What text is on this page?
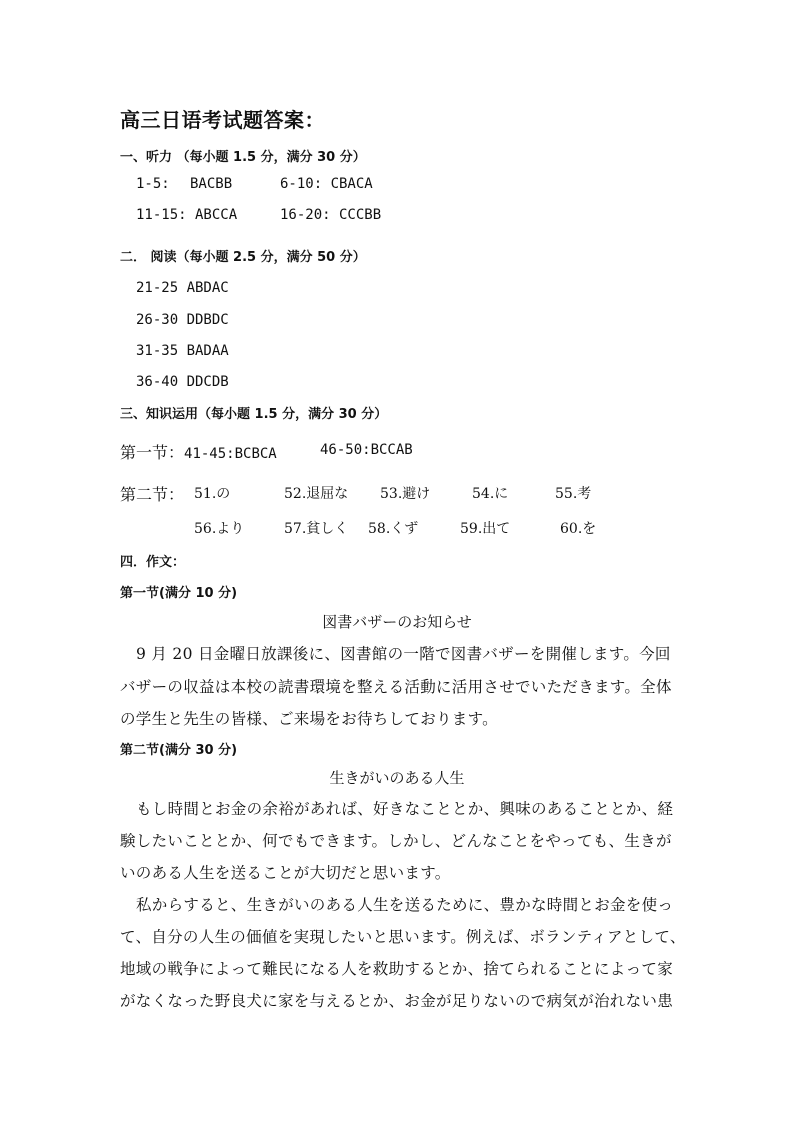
高三日语考试题答案：
一、听力 （每小题 1.5 分，满分 30 分）
1-5: BACBB	6-10: CBACA
11-15: ABCCA	16-20: CCCBB
二． 阅读（每小题 2.5 分，满分 50 分）
21-25 ABDAC
26-30 DDBDC
31-35 BADAA
36-40 DDCDB
三、知识运用（每小题 1.5 分，满分 30 分）
第一节：41-45:BCBCA	46-50:BCCAB
第二节： 51.の	52.退屈な 53.避け	54.に	55.考
56.より	57.貧しく 58.くず	59.出て	60.を
四．作文：
第一节(满分 10 分)
図書バザーのお知らせ
9 月 20 日金曜日放課後に、図書館の一階で図書バザーを開催します。今回
バザーの収益は本校の読書環境を整える活動に活用させでいただきます。全体
の学生と先生の皆様、ご来場をお待ちしております。
第二节(满分 30 分)
生きがいのある人生
もし時間とお金の余裕があれば、好きなこととか、興味のあることとか、経
験したいこととか、何でもできます。しかし、どんなことをやっても、生きが
いのある人生を送ることが大切だと思います。
私からすると、生きがいのある人生を送るために、豊かな時間とお金を使っ
て、自分の人生の価値を実現したいと思います。例えば、ボランティアとして、
地域の戦争によって難民になる人を救助するとか、捨てられることによって家
がなくなった野良犬に家を与えるとか、お金が足りないので病気が治れない患
